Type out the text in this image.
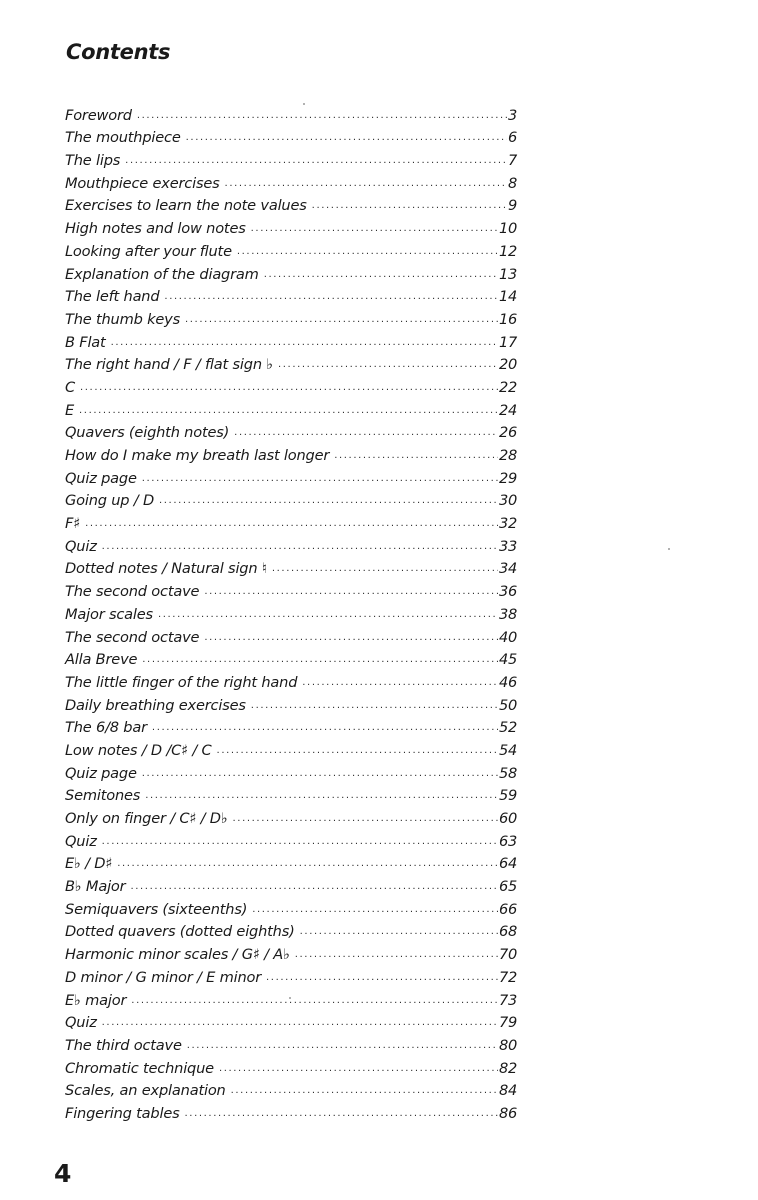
Contents
Foreword .....	3
The mouthpiece .....	6
The lips .....	7
Mouthpiece exercises .....	8
Exercises to learn the note values .....	9
High notes and low notes .....	10
Looking after your flute .....	12
Explanation of the diagram .....	13
The left hand .....	14
The thumb keys .....	16
B Flat .....	17
The right hand / F / flat sign ♭ .....	20
C .....	22
E .....	24
Quavers (eighth notes) .....	26
How do I make my breath last longer .....	28
Quiz page .....	29
Going up / D .....	30
F♯ .....	32
Quiz .....	33
Dotted notes / Natural sign ♮ .....	34
The second octave .....	36
Major scales .....	38
The second octave .....	40
Alla Breve .....	45
The little finger of the right hand .....	46
Daily breathing exercises .....	50
The 6/8 bar .....	52
Low notes / D /C♯ / C .....	54
Quiz page .....	58
Semitones .....	59
Only on finger / C♯ / D♭ .....	60
Quiz .....	63
E♭ / D♯ .....	64
B♭ Major .....	65
Semiquavers (sixteenths) .....	66
Dotted quavers (dotted eighths) .....	68
Harmonic minor scales / G♯ / A♭ .....	70
D minor / G minor / E minor .....	72
E♭ major .....	73
Quiz .....	79
The third octave .....	80
Chromatic technique .....	82
Scales, an explanation .....	84
Fingering tables .....	86
4
